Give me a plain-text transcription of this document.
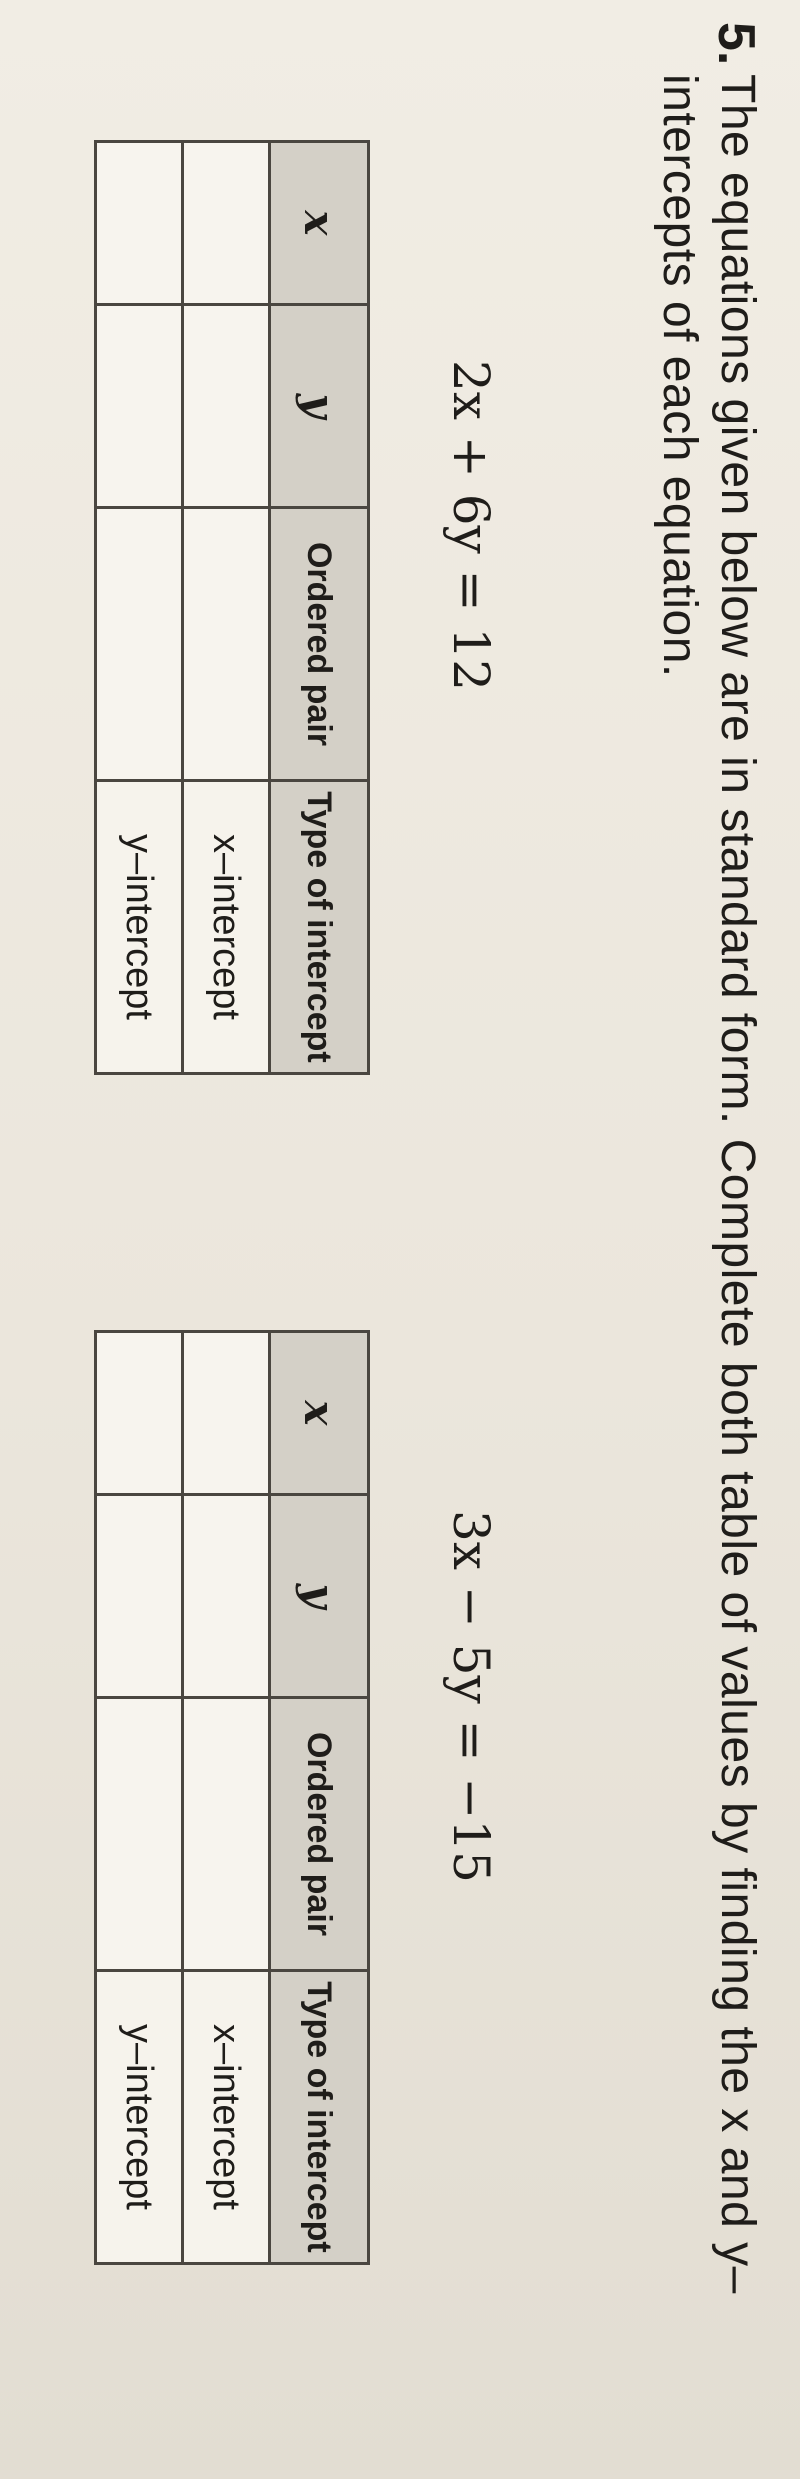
5.
The equations given below are in standard form. Complete both table of values by finding the x and y–intercepts of each equation.
2x + 6y = 12
3x − 5y = −15
x	y	Ordered pair	Type of intercept
			x–intercept
			y–intercept
x	y	Ordered pair	Type of intercept
			x–intercept
			y–intercept
